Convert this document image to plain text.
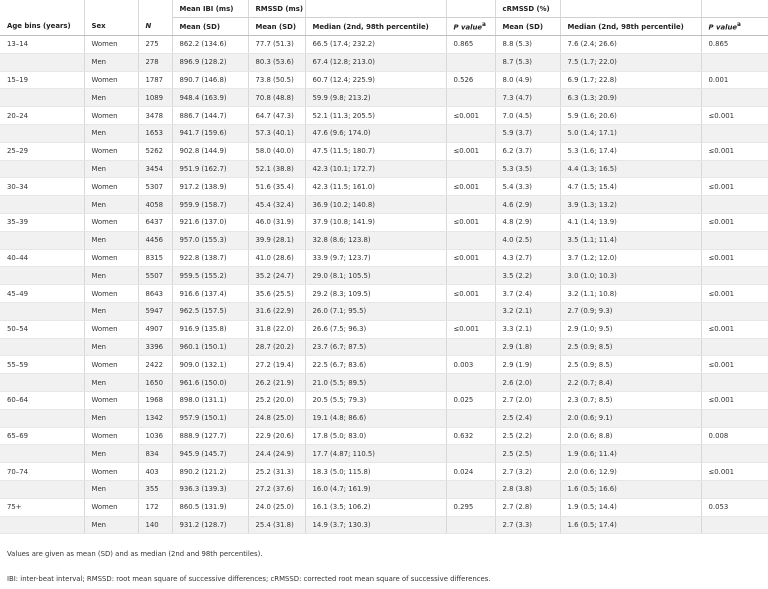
			Mean IBI (ms)	RMSSD (ms)			cRMSSD (%)		
Age bins (years)	Sex	N	Mean (SD)	Mean (SD)	Median (2nd, 98th percentile)	P value$^a$	Mean (SD)	Median (2nd, 98th percentile)	P value$^a$
13–14	Women	275	862.2 (134.6)	77.7 (51.3)	66.5 (17.4; 232.2)	0.865	8.8 (5.3)	7.6 (2.4; 26.6)	0.865
	Men	278	896.9 (128.2)	80.3 (53.6)	67.4 (12.8; 213.0)		8.7 (5.3)	7.5 (1.7; 22.0)	
15–19	Women	1787	890.7 (146.8)	73.8 (50.5)	60.7 (12.4; 225.9)	0.526	8.0 (4.9)	6.9 (1.7; 22.8)	0.001
	Men	1089	948.4 (163.9)	70.8 (48.8)	59.9 (9.8; 213.2)		7.3 (4.7)	6.3 (1.3; 20.9)	
20–24	Women	3478	886.7 (144.7)	64.7 (47.3)	52.1 (11.3; 205.5)	≤0.001	7.0 (4.5)	5.9 (1.6; 20.6)	≤0.001
	Men	1653	941.7 (159.6)	57.3 (40.1)	47.6 (9.6; 174.0)		5.9 (3.7)	5.0 (1.4; 17.1)	
25–29	Women	5262	902.8 (144.9)	58.0 (40.0)	47.5 (11.5; 180.7)	≤0.001	6.2 (3.7)	5.3 (1.6; 17.4)	≤0.001
	Men	3454	951.9 (162.7)	52.1 (38.8)	42.3 (10.1; 172.7)		5.3 (3.5)	4.4 (1.3; 16.5)	
30–34	Women	5307	917.2 (138.9)	51.6 (35.4)	42.3 (11.5; 161.0)	≤0.001	5.4 (3.3)	4.7 (1.5; 15.4)	≤0.001
	Men	4058	959.9 (158.7)	45.4 (32.4)	36.9 (10.2; 140.8)		4.6 (2.9)	3.9 (1.3; 13.2)	
35–39	Women	6437	921.6 (137.0)	46.0 (31.9)	37.9 (10.8; 141.9)	≤0.001	4.8 (2.9)	4.1 (1.4; 13.9)	≤0.001
	Men	4456	957.0 (155.3)	39.9 (28.1)	32.8 (8.6; 123.8)		4.0 (2.5)	3.5 (1.1; 11.4)	
40–44	Women	8315	922.8 (138.7)	41.0 (28.6)	33.9 (9.7; 123.7)	≤0.001	4.3 (2.7)	3.7 (1.2; 12.0)	≤0.001
	Men	5507	959.5 (155.2)	35.2 (24.7)	29.0 (8.1; 105.5)		3.5 (2.2)	3.0 (1.0; 10.3)	
45–49	Women	8643	916.6 (137.4)	35.6 (25.5)	29.2 (8.3; 109.5)	≤0.001	3.7 (2.4)	3.2 (1.1; 10.8)	≤0.001
	Men	5947	962.5 (157.5)	31.6 (22.9)	26.0 (7.1; 95.5)		3.2 (2.1)	2.7 (0.9; 9.3)	
50–54	Women	4907	916.9 (135.8)	31.8 (22.0)	26.6 (7.5; 96.3)	≤0.001	3.3 (2.1)	2.9 (1.0; 9.5)	≤0.001
	Men	3396	960.1 (150.1)	28.7 (20.2)	23.7 (6.7; 87.5)		2.9 (1.8)	2.5 (0.9; 8.5)	
55–59	Women	2422	909.0 (132.1)	27.2 (19.4)	22.5 (6.7; 83.6)	0.003	2.9 (1.9)	2.5 (0.9; 8.5)	≤0.001
	Men	1650	961.6 (150.0)	26.2 (21.9)	21.0 (5.5; 89.5)		2.6 (2.0)	2.2 (0.7; 8.4)	
60–64	Women	1968	898.0 (131.1)	25.2 (20.0)	20.5 (5.5; 79.3)	0.025	2.7 (2.0)	2.3 (0.7; 8.5)	≤0.001
	Men	1342	957.9 (150.1)	24.8 (25.0)	19.1 (4.8; 86.6)		2.5 (2.4)	2.0 (0.6; 9.1)	
65–69	Women	1036	888.9 (127.7)	22.9 (20.6)	17.8 (5.0; 83.0)	0.632	2.5 (2.2)	2.0 (0.6; 8.8)	0.008
	Men	834	945.9 (145.7)	24.4 (24.9)	17.7 (4.87; 110.5)		2.5 (2.5)	1.9 (0.6; 11.4)	
70–74	Women	403	890.2 (121.2)	25.2 (31.3)	18.3 (5.0; 115.8)	0.024	2.7 (3.2)	2.0 (0.6; 12.9)	≤0.001
	Men	355	936.3 (139.3)	27.2 (37.6)	16.0 (4.7; 161.9)		2.8 (3.8)	1.6 (0.5; 16.6)	
75+	Women	172	860.5 (131.9)	24.0 (25.0)	16.1 (3.5; 106.2)	0.295	2.7 (2.8)	1.9 (0.5; 14.4)	0.053
	Men	140	931.2 (128.7)	25.4 (31.8)	14.9 (3.7; 130.3)		2.7 (3.3)	1.6 (0.5; 17.4)	
Values are given as mean (SD) and as median (2nd and 98th percentiles).
IBI: inter-beat interval; RMSSD: root mean square of successive differences; cRMSSD: corrected root mean square of successive differences.
